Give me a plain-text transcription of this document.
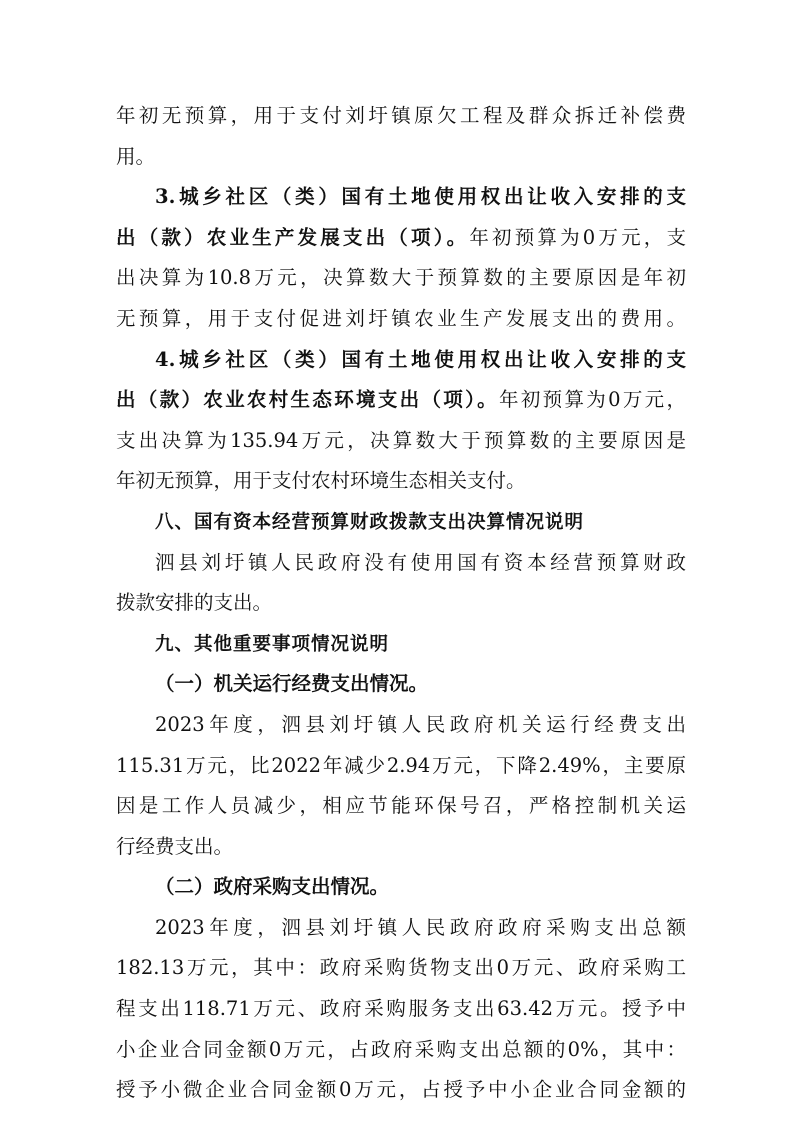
年初无预算，用于支付刘圩镇原欠工程及群众拆迁补偿费
用。
3.城乡社区（类）国有土地使用权出让收入安排的支
出（款）农业生产发展支出（项）。年初预算为0万元，支
出决算为10.8万元，决算数大于预算数的主要原因是年初
无预算，用于支付促进刘圩镇农业生产发展支出的费用。
4.城乡社区（类）国有土地使用权出让收入安排的支
出（款）农业农村生态环境支出（项）。年初预算为0万元，
支出决算为135.94万元，决算数大于预算数的主要原因是
年初无预算，用于支付农村环境生态相关支付。
八、国有资本经营预算财政拨款支出决算情况说明
泗县刘圩镇人民政府没有使用国有资本经营预算财政
拨款安排的支出。
九、其他重要事项情况说明
（一）机关运行经费支出情况。
2023年度，泗县刘圩镇人民政府机关运行经费支出
115.31万元，比2022年减少2.94万元，下降2.49%，主要原
因是工作人员减少，相应节能环保号召，严格控制机关运
行经费支出。
（二）政府采购支出情况。
2023年度，泗县刘圩镇人民政府政府采购支出总额
182.13万元，其中：政府采购货物支出0万元、政府采购工
程支出118.71万元、政府采购服务支出63.42万元。授予中
小企业合同金额0万元，占政府采购支出总额的0%，其中：
授予小微企业合同金额0万元，占授予中小企业合同金额的
